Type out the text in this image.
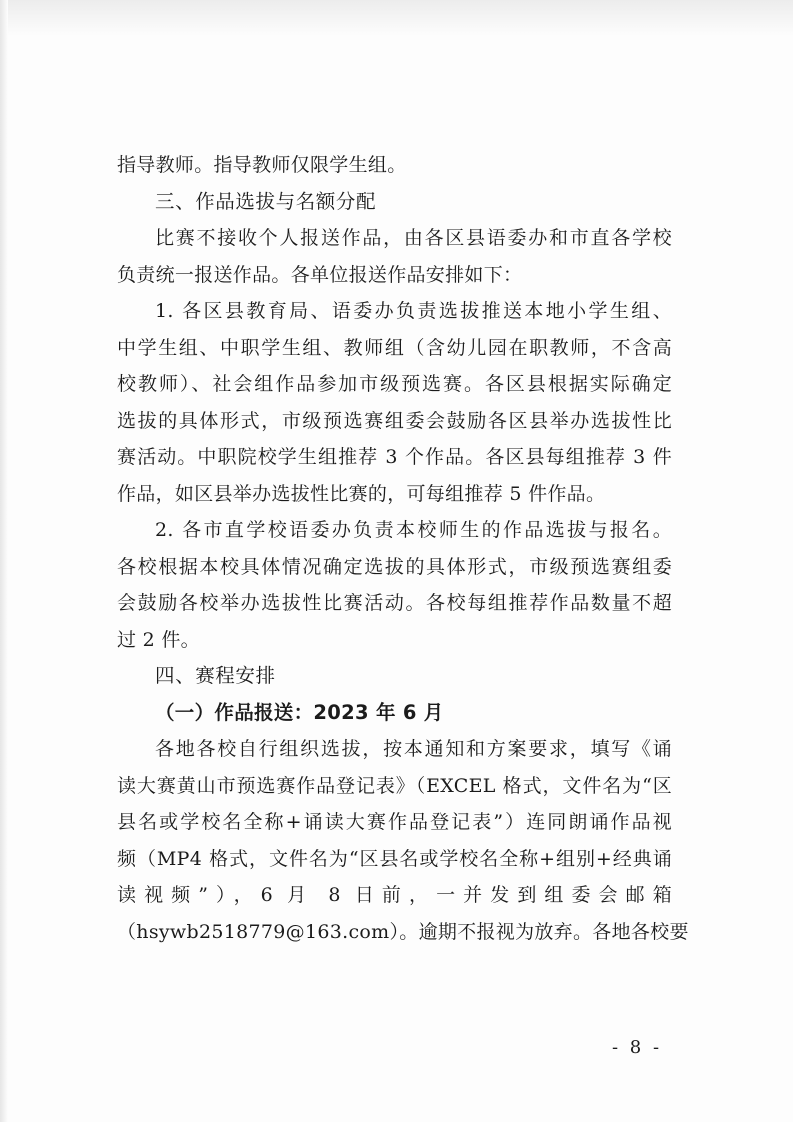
指导教师。指导教师仅限学生组。
三、作品选拔与名额分配
比赛不接收个人报送作品，由各区县语委办和市直各学校
负责统一报送作品。各单位报送作品安排如下：
1. 各区县教育局、语委办负责选拔推送本地小学生组、
中学生组、中职学生组、教师组（含幼儿园在职教师，不含高
校教师）、社会组作品参加市级预选赛。各区县根据实际确定
选拔的具体形式，市级预选赛组委会鼓励各区县举办选拔性比
赛活动。中职院校学生组推荐 3 个作品。各区县每组推荐 3 件
作品，如区县举办选拔性比赛的，可每组推荐 5 件作品。
2. 各市直学校语委办负责本校师生的作品选拔与报名。
各校根据本校具体情况确定选拔的具体形式，市级预选赛组委
会鼓励各校举办选拔性比赛活动。各校每组推荐作品数量不超
过 2 件。
四、赛程安排
（一）作品报送：2023 年 6 月
各地各校自行组织选拔，按本通知和方案要求，填写《诵
读大赛黄山市预选赛作品登记表》（EXCEL 格式，文件名为“区
县名或学校名全称+诵读大赛作品登记表”）连同朗诵作品视
频（MP4 格式，文件名为“区县名或学校名全称+组别+经典诵
读视频”），6 月 8 日前，一并发到组委会邮箱
（hsywb2518779@163.com）。逾期不报视为放弃。各地各校要
- 8 -
